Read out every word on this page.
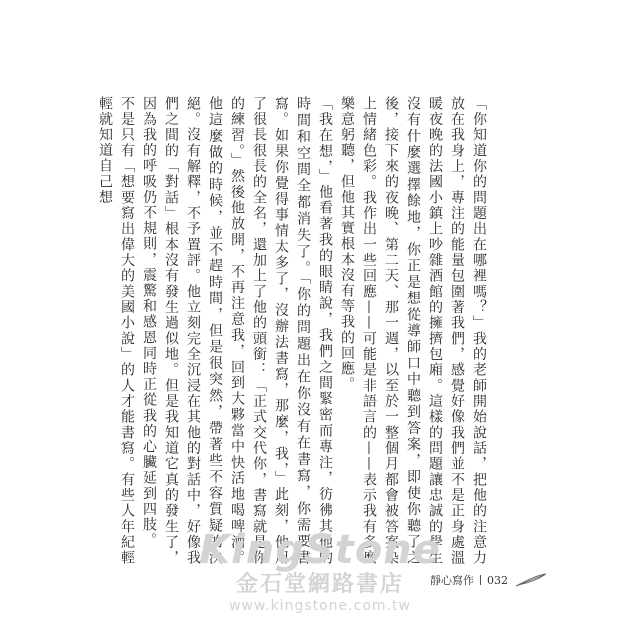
「你知道你的問題出在哪裡嗎？」我的老師開始說話，把他的注意力放在我身上，專注的能量包圍著我們，感覺好像我們並不是正身處溫暖夜晚的法國小鎮上吵雜酒館的擁擠包廂。這樣的問題讓忠誠的學生沒有什麼選擇餘地，你正是想從導師口中聽到答案，即使你聽了之後，接下來的夜晚、第二天、那一週，以至於一整個月都會被答案染上情緒色彩。我作出一些回應——可能是非語言的——表示我有多麼樂意躬聽，但他其實根本沒有等我的回應。

「我在想，」他看著我的眼睛說，我們之間緊密而專注，彷彿其他的時間和空間全都消失了。「你的問題出在你沒有在書寫，你需要書寫。如果你覺得事情太多了，沒辦法書寫，那麼，我，」此刻，他用了很長很長的全名，還加上了他的頭銜：「正式交代你，書寫就是你的練習。」然後他放開，不再注意我，回到大夥當中快活地喝啤酒。他這麼做的時候，並不趕時間，但是很突然，帶著些不容質疑的決絕。沒有解釋，不予置評。他立刻完全沉浸在其他的對話中，好像我們之間的「對話」根本沒有發生過似地。但是我知道它真的發生了，因為我的呼吸仍不規則，震驚和感恩同時正從我的心臟延到四肢。

不是只有「想要寫出偉大的美國小說」的人才能書寫。有些人年紀輕輕就知道自己想

KingStone
金石堂網路書店
www.kingstone.com.tw
靜心寫作 032
